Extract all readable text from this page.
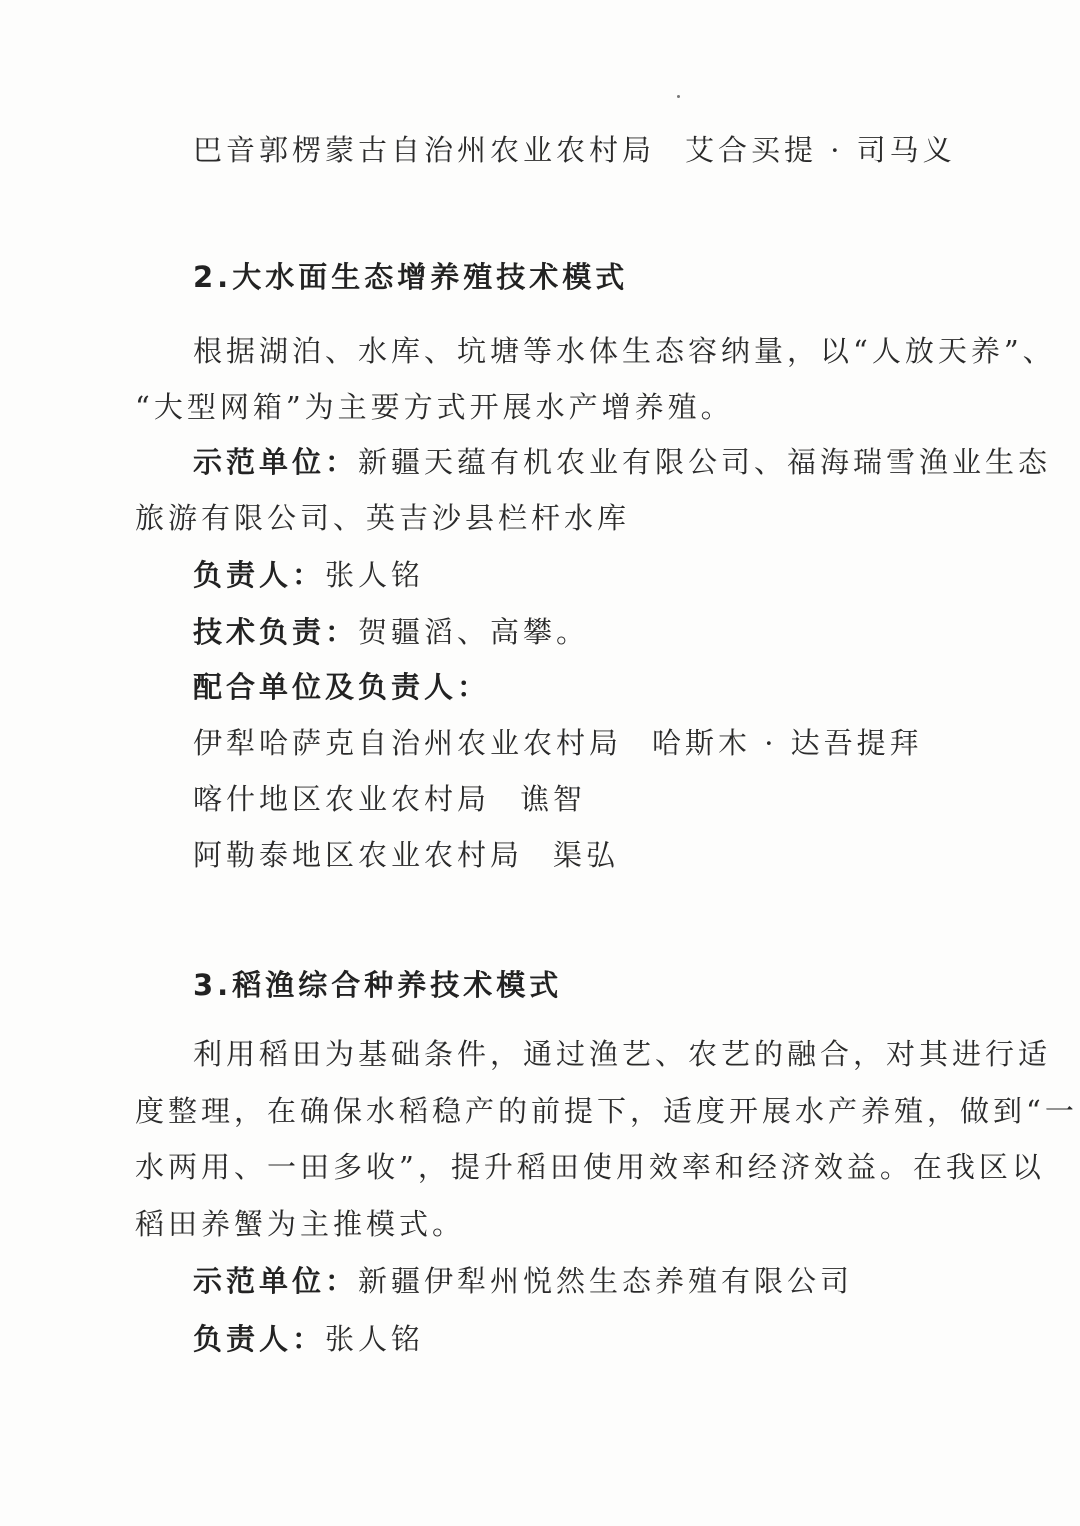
巴音郭楞蒙古自治州农业农村局 艾合买提 · 司马义
2.大水面生态增养殖技术模式
根据湖泊、水库、坑塘等水体生态容纳量，以“人放天养”、
“大型网箱”为主要方式开展水产增养殖。
示范单位：新疆天蕴有机农业有限公司、福海瑞雪渔业生态
旅游有限公司、英吉沙县栏杆水库
负责人：张人铭
技术负责：贺疆滔、高攀。
配合单位及负责人：
伊犁哈萨克自治州农业农村局 哈斯木 · 达吾提拜
喀什地区农业农村局 谯智
阿勒泰地区农业农村局 渠弘
3.稻渔综合种养技术模式
利用稻田为基础条件，通过渔艺、农艺的融合，对其进行适
度整理，在确保水稻稳产的前提下，适度开展水产养殖，做到“一
水两用、一田多收”，提升稻田使用效率和经济效益。在我区以
稻田养蟹为主推模式。
示范单位：新疆伊犁州悦然生态养殖有限公司
负责人：张人铭
